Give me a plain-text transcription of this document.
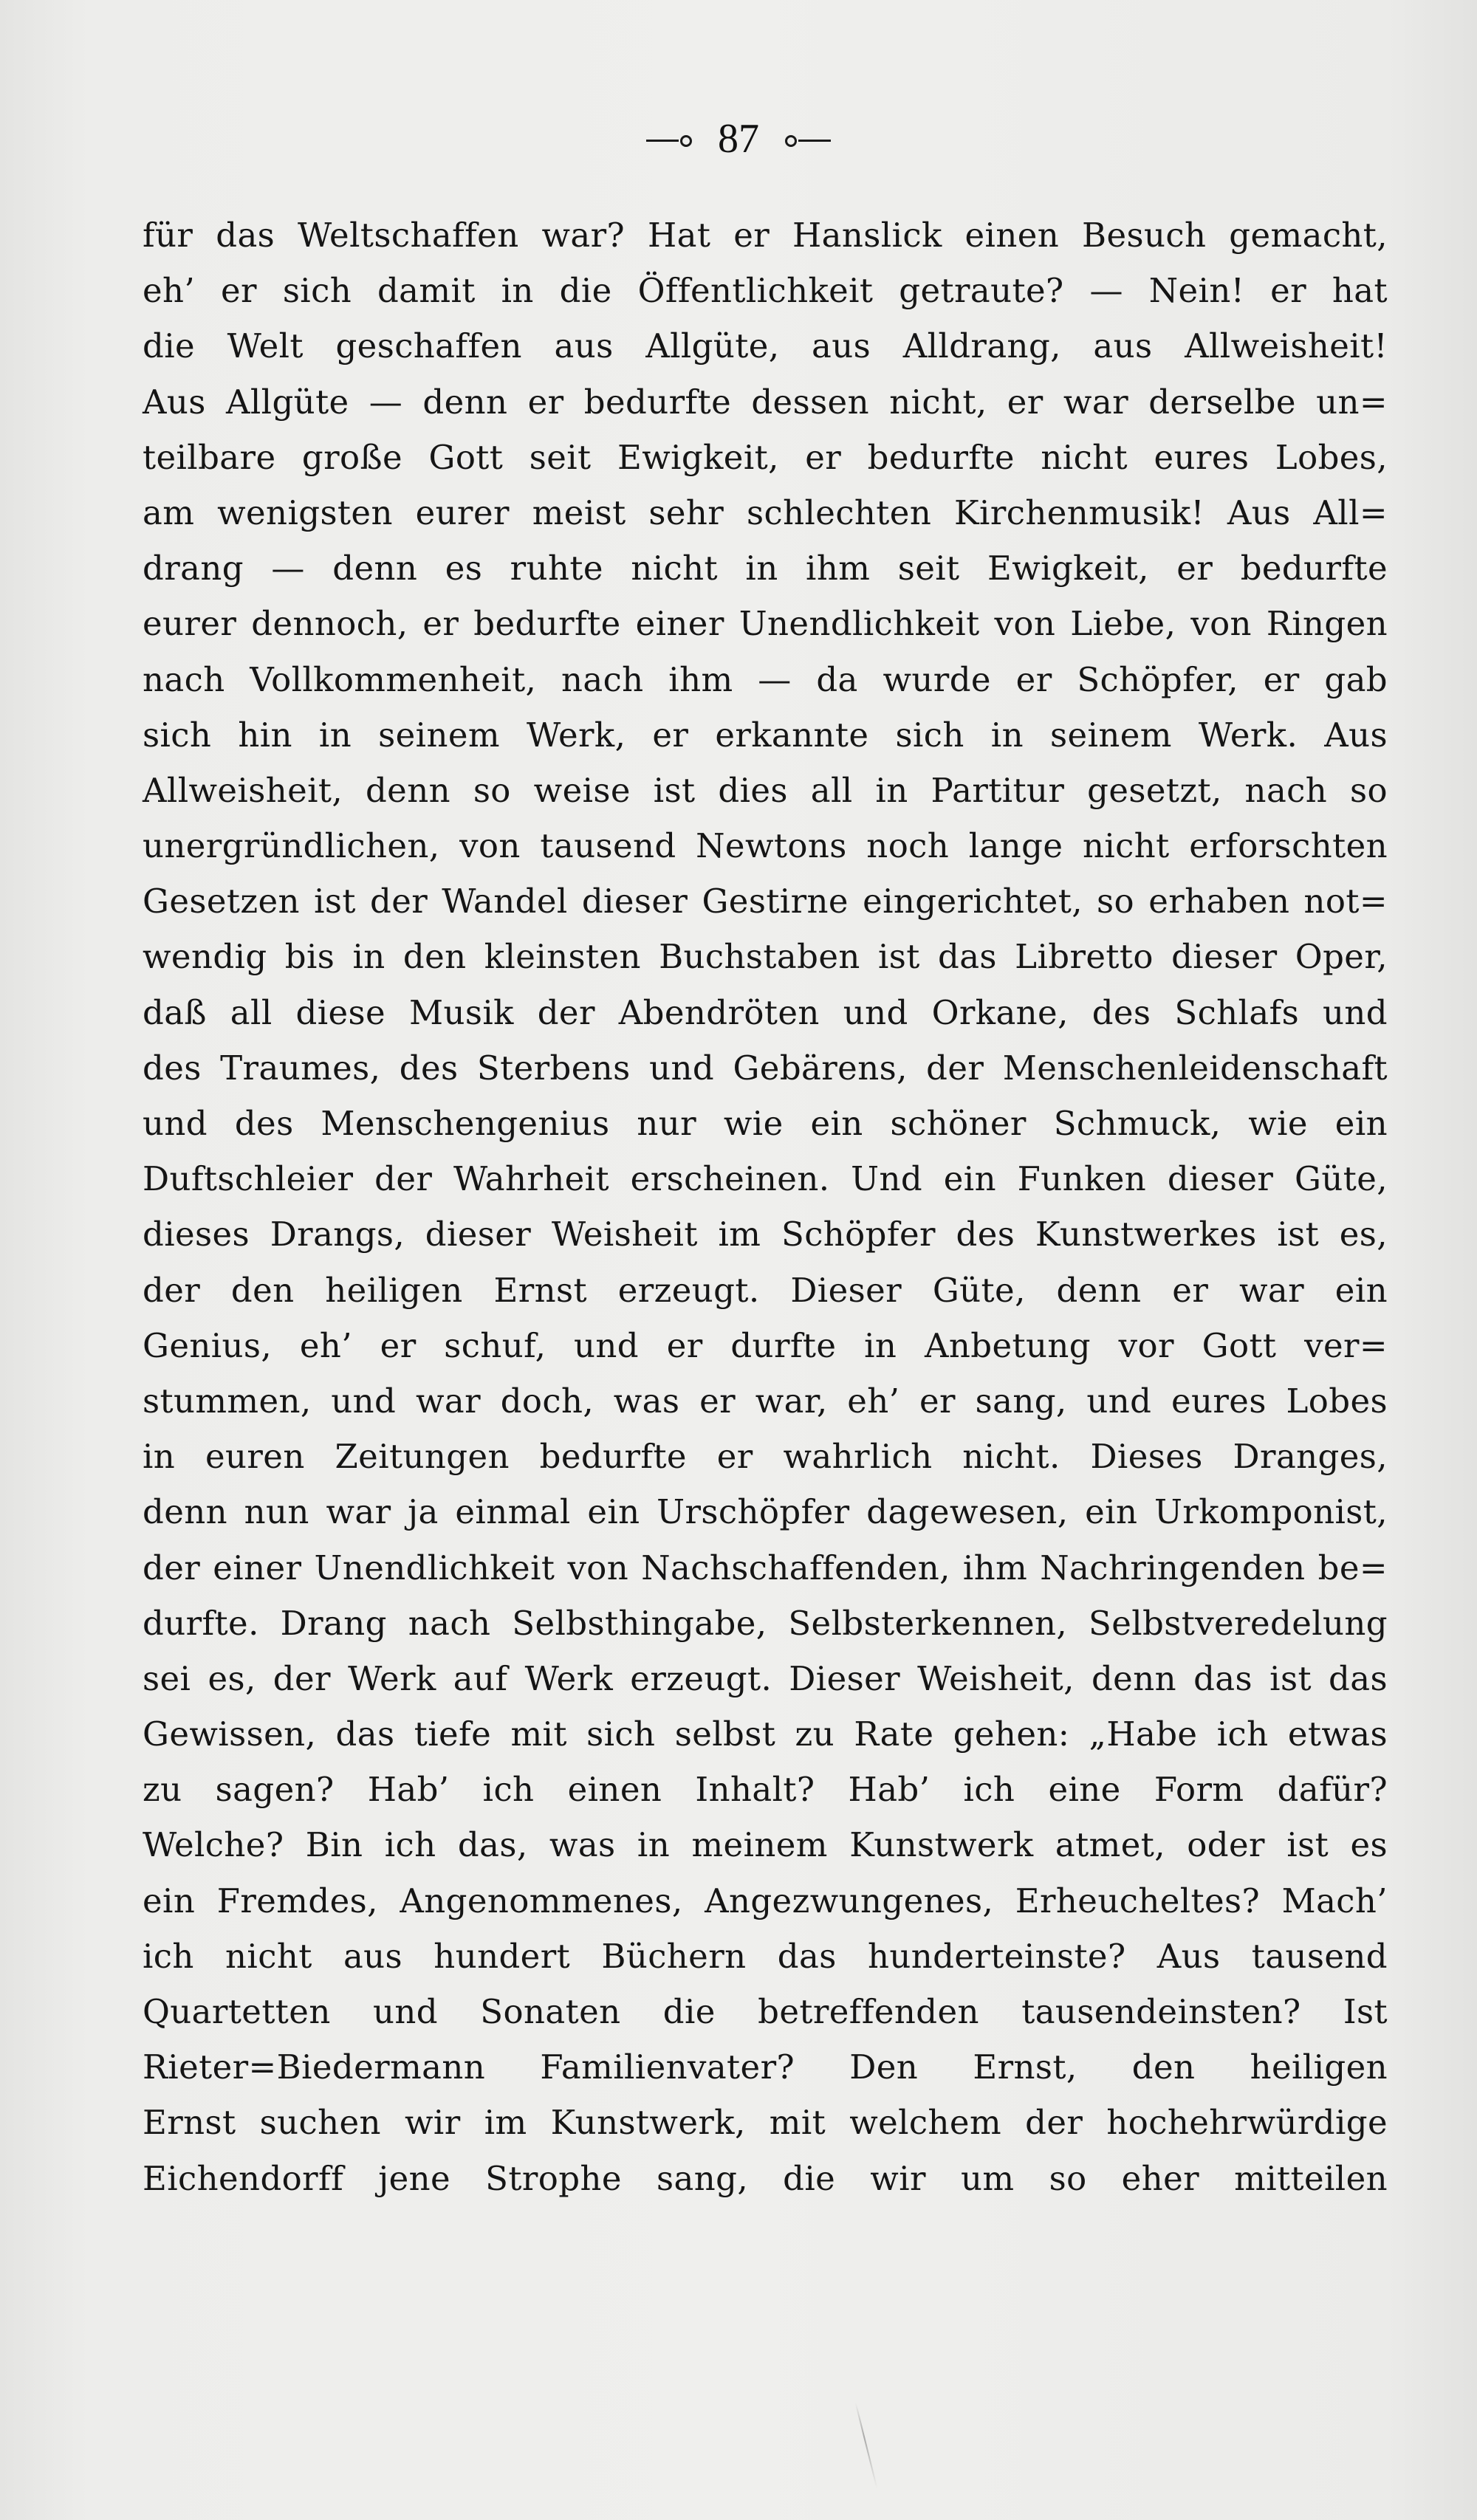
87
für das Weltschaffen war? Hat er Hanslick einen Besuch gemacht,
eh’ er sich damit in die Öffentlichkeit getraute? — Nein! er hat
die Welt geschaffen aus Allgüte, aus Alldrang, aus Allweisheit!
Aus Allgüte — denn er bedurfte dessen nicht, er war derselbe un=
teilbare große Gott seit Ewigkeit, er bedurfte nicht eures Lobes,
am wenigsten eurer meist sehr schlechten Kirchenmusik! Aus All=
drang — denn es ruhte nicht in ihm seit Ewigkeit, er bedurfte
eurer dennoch, er bedurfte einer Unendlichkeit von Liebe, von Ringen
nach Vollkommenheit, nach ihm — da wurde er Schöpfer, er gab
sich hin in seinem Werk, er erkannte sich in seinem Werk. Aus
Allweisheit, denn so weise ist dies all in Partitur gesetzt, nach so
unergründlichen, von tausend Newtons noch lange nicht erforschten
Gesetzen ist der Wandel dieser Gestirne eingerichtet, so erhaben not=
wendig bis in den kleinsten Buchstaben ist das Libretto dieser Oper,
daß all diese Musik der Abendröten und Orkane, des Schlafs und
des Traumes, des Sterbens und Gebärens, der Menschenleidenschaft
und des Menschengenius nur wie ein schöner Schmuck, wie ein
Duftschleier der Wahrheit erscheinen. Und ein Funken dieser Güte,
dieses Drangs, dieser Weisheit im Schöpfer des Kunstwerkes ist es,
der den heiligen Ernst erzeugt. Dieser Güte, denn er war ein
Genius, eh’ er schuf, und er durfte in Anbetung vor Gott ver=
stummen, und war doch, was er war, eh’ er sang, und eures Lobes
in euren Zeitungen bedurfte er wahrlich nicht. Dieses Dranges,
denn nun war ja einmal ein Urschöpfer dagewesen, ein Urkomponist,
der einer Unendlichkeit von Nachschaffenden, ihm Nachringenden be=
durfte. Drang nach Selbsthingabe, Selbsterkennen, Selbstveredelung
sei es, der Werk auf Werk erzeugt. Dieser Weisheit, denn das ist das
Gewissen, das tiefe mit sich selbst zu Rate gehen: „Habe ich etwas
zu sagen? Hab’ ich einen Inhalt? Hab’ ich eine Form dafür?
Welche? Bin ich das, was in meinem Kunstwerk atmet, oder ist es
ein Fremdes, Angenommenes, Angezwungenes, Erheucheltes? Mach’
ich nicht aus hundert Büchern das hunderteinste? Aus tausend
Quartetten und Sonaten die betreffenden tausendeinsten? Ist
Rieter=Biedermann Familienvater? Den Ernst, den heiligen
Ernst suchen wir im Kunstwerk, mit welchem der hochehrwürdige
Eichendorff jene Strophe sang, die wir um so eher mitteilen
